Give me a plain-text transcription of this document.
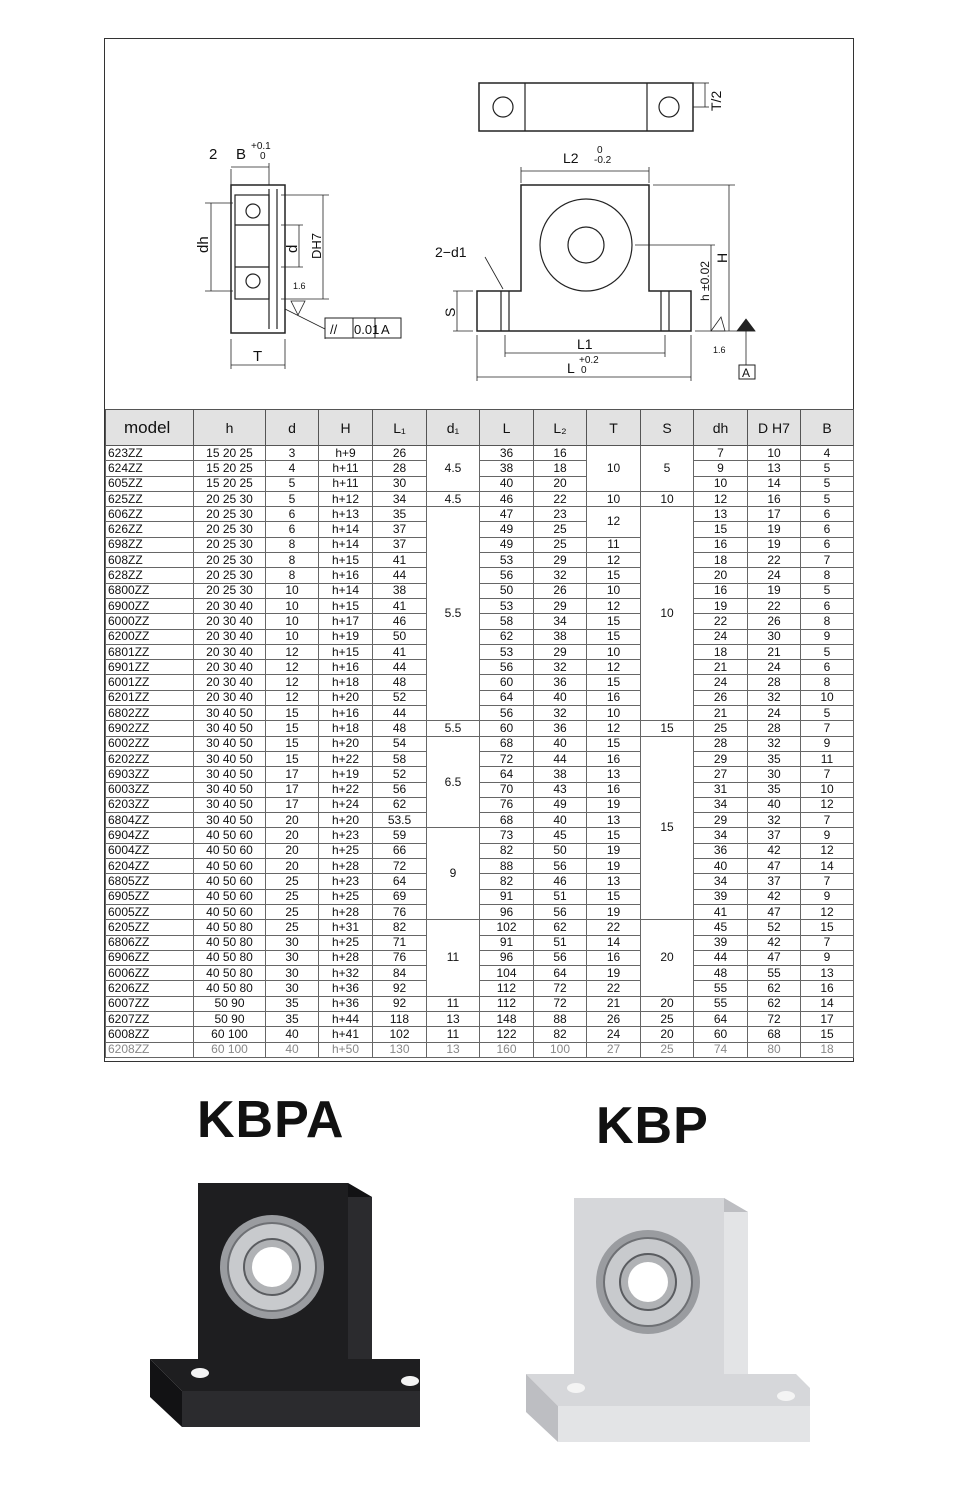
2 B +0.1
0
dh	d DH7
T
1.6
// 0.01 A
T/2
L2 0
-0.2
2−d1
S
H
h ±0.02
L1
L +0.2
0
1.6
A
model	h	d	H	L₁	d₁	L	L₂	T	S	dh	D H7	B
623ZZ	15 20 25	3	h+9	26	4.5	36	16	10	5	7	10	4
624ZZ	15 20 25	4	h+11	28		38	18			9	13	5
605ZZ	15 20 25	5	h+11	30		40	20			10	14	5
625ZZ	20 25 30	5	h+12	34	4.5	46	22	10	10	12	16	5
606ZZ	20 25 30	6	h+13	35	5.5	47	23	12	10	13	17	6
626ZZ	20 25 30	6	h+14	37		49	25			15	19	6
698ZZ	20 25 30	8	h+14	37		49	25	11		16	19	6
608ZZ	20 25 30	8	h+15	41		53	29	12		18	22	7
628ZZ	20 25 30	8	h+16	44		56	32	15		20	24	8
6800ZZ	20 25 30	10	h+14	38		50	26	10		16	19	5
6900ZZ	20 30 40	10	h+15	41		53	29	12		19	22	6
6000ZZ	20 30 40	10	h+17	46		58	34	15		22	26	8
6200ZZ	20 30 40	10	h+19	50		62	38	15		24	30	9
6801ZZ	20 30 40	12	h+15	41		53	29	10		18	21	5
6901ZZ	20 30 40	12	h+16	44		56	32	12		21	24	6
6001ZZ	20 30 40	12	h+18	48		60	36	15		24	28	8
6201ZZ	20 30 40	12	h+20	52		64	40	16		26	32	10
6802ZZ	30 40 50	15	h+16	44		56	32	10		21	24	5
6902ZZ	30 40 50	15	h+18	48	5.5	60	36	12	15	25	28	7
6002ZZ	30 40 50	15	h+20	54	6.5	68	40	15	15	28	32	9
6202ZZ	30 40 50	15	h+22	58		72	44	16		29	35	11
6903ZZ	30 40 50	17	h+19	52		64	38	13		27	30	7
6003ZZ	30 40 50	17	h+22	56		70	43	16		31	35	10
6203ZZ	30 40 50	17	h+24	62		76	49	19		34	40	12
6804ZZ	30 40 50	20	h+20	53.5		68	40	13		29	32	7
6904ZZ	40 50 60	20	h+23	59	9	73	45	15		34	37	9
6004ZZ	40 50 60	20	h+25	66		82	50	19		36	42	12
6204ZZ	40 50 60	20	h+28	72		88	56	19		40	47	14
6805ZZ	40 50 60	25	h+23	64		82	46	13		34	37	7
6905ZZ	40 50 60	25	h+25	69		91	51	15		39	42	9
6005ZZ	40 50 60	25	h+28	76		96	56	19		41	47	12
6205ZZ	40 50 80	25	h+31	82	11	102	62	22	20	45	52	15
6806ZZ	40 50 80	30	h+25	71		91	51	14		39	42	7
6906ZZ	40 50 80	30	h+28	76		96	56	16		44	47	9
6006ZZ	40 50 80	30	h+32	84		104	64	19		48	55	13
6206ZZ	40 50 80	30	h+36	92		112	72	22		55	62	16
6007ZZ	50 90	35	h+36	92	11	112	72	21	20	55	62	14
6207ZZ	50 90	35	h+44	118	13	148	88	26	25	64	72	17
6008ZZ	60 100	40	h+41	102	11	122	82	24	20	60	68	15
6208ZZ	60 100	40	h+50	130	13	160	100	27	25	74	80	18
KBPA	KBP
